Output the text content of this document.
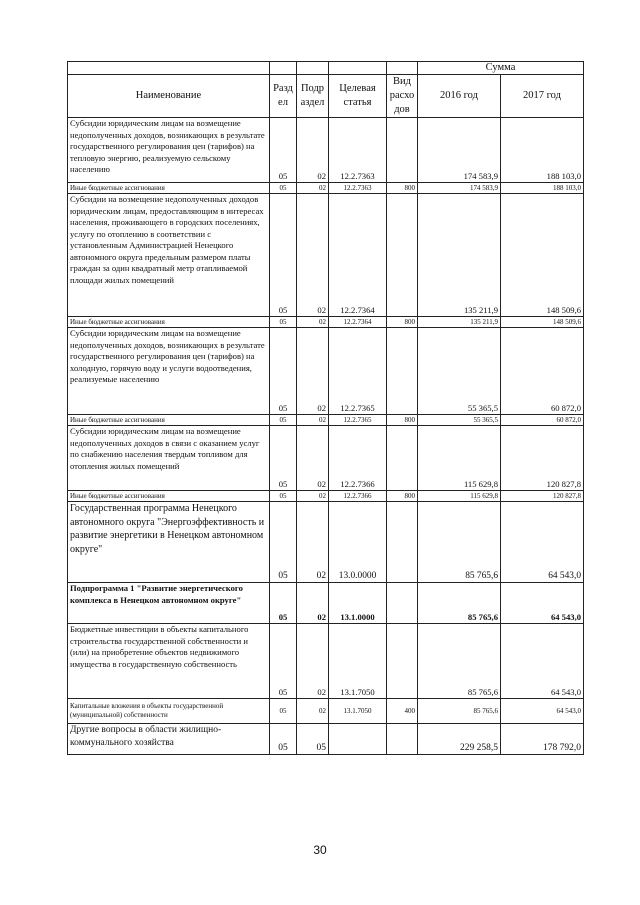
					Сумма	
Наименование	Разд ел	Подр аздел	Целевая статья	Вид расхо дов	2016 год	2017 год
Субсидии юридическим лицам на возмещение недополученных доходов, возникающих в результате государственного регулирования цен (тарифов) на тепловую энергию, реализуемую сельскому населению	05	02	12.2.7363		174 583,9	188 103,0
Иные бюджетные ассигнования	05	02	12.2.7363	800	174 583,9	188 103,0
Субсидии на возмещение недополученных доходов юридическим лицам, предоставляющим в интересах населения, проживающего в городских поселениях, услугу по отоплению в соответствии с установленным Администрацией Ненецкого автономного округа предельным размером платы граждан за один квадратный метр отапливаемой площади жилых помещений	05	02	12.2.7364		135 211,9	148 509,6
Иные бюджетные ассигнования	05	02	12.2.7364	800	135 211,9	148 509,6
Субсидии юридическим лицам на возмещение недополученных доходов, возникающих в результате государственного регулирования цен (тарифов) на холодную, горячую воду и услуги водоотведения, реализуемые населению	05	02	12.2.7365		55 365,5	60 872,0
Иные бюджетные ассигнования	05	02	12.2.7365	800	55 365,5	60 872,0
Субсидии юридическим лицам на возмещение недополученных доходов в связи с оказанием услуг по снабжению населения твердым топливом для отопления жилых помещений	05	02	12.2.7366		115 629,8	120 827,8
Иные бюджетные ассигнования	05	02	12.2.7366	800	115 629,8	120 827,8
Государственная программа Ненецкого автономного округа "Энергоэффективность и развитие энергетики в Ненецком автономном округе"	05	02	13.0.0000		85 765,6	64 543,0
Подпрограмма 1 "Развитие энергетического комплекса в Ненецком автономном округе"	05	02	13.1.0000		85 765,6	64 543,0
Бюджетные инвестиции в объекты капитального строительства государственной собственности и (или) на приобретение объектов недвижимого имущества в государственную собственность	05	02	13.1.7050		85 765,6	64 543,0
Капитальные вложения в объекты государственной (муниципальной) собственности	05	02	13.1.7050	400	85 765,6	64 543,0
Другие вопросы в области жилищно-коммунального хозяйства	05	05			229 258,5	178 792,0
30
